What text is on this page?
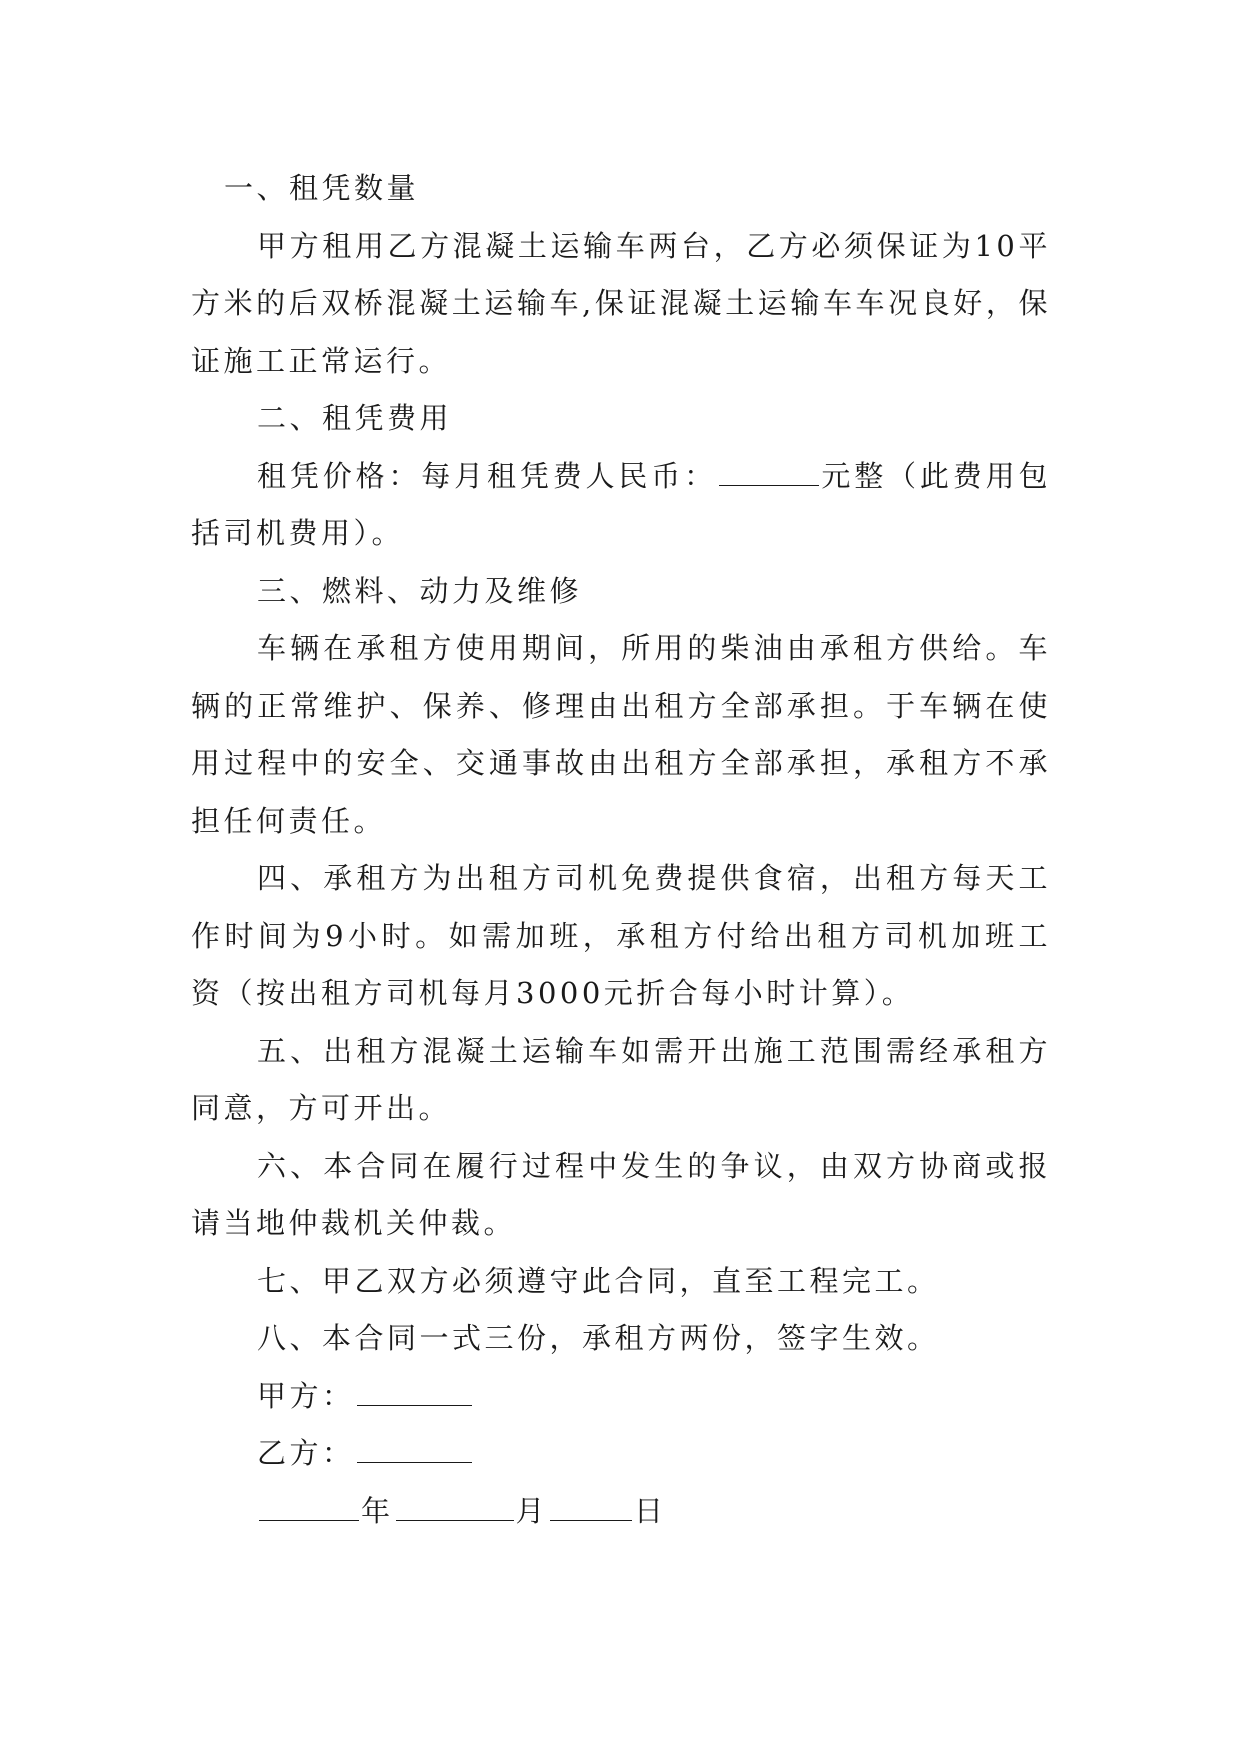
一、租凭数量

甲方租用乙方混凝土运输车两台，乙方必须保证为10平方米的后双桥混凝土运输车,保证混凝土运输车车况良好，保证施工正常运行。

二、租凭费用

租凭价格：每月租凭费人民币：	元整（此费用包括司机费用）。

三、燃料、动力及维修

车辆在承租方使用期间，所用的柴油由承租方供给。车辆的正常维护、保养、修理由出租方全部承担。于车辆在使用过程中的安全、交通事故由出租方全部承担，承租方不承担任何责任。

四、承租方为出租方司机免费提供食宿，出租方每天工作时间为9小时。如需加班，承租方付给出租方司机加班工资（按出租方司机每月3000元折合每小时计算）。

五、出租方混凝土运输车如需开出施工范围需经承租方同意，方可开出。

六、本合同在履行过程中发生的争议，由双方协商或报请当地仲裁机关仲裁。

七、甲乙双方必须遵守此合同，直至工程完工。

八、本合同一式三份，承租方两份，签字生效。

甲方：

乙方：

年	月	日
